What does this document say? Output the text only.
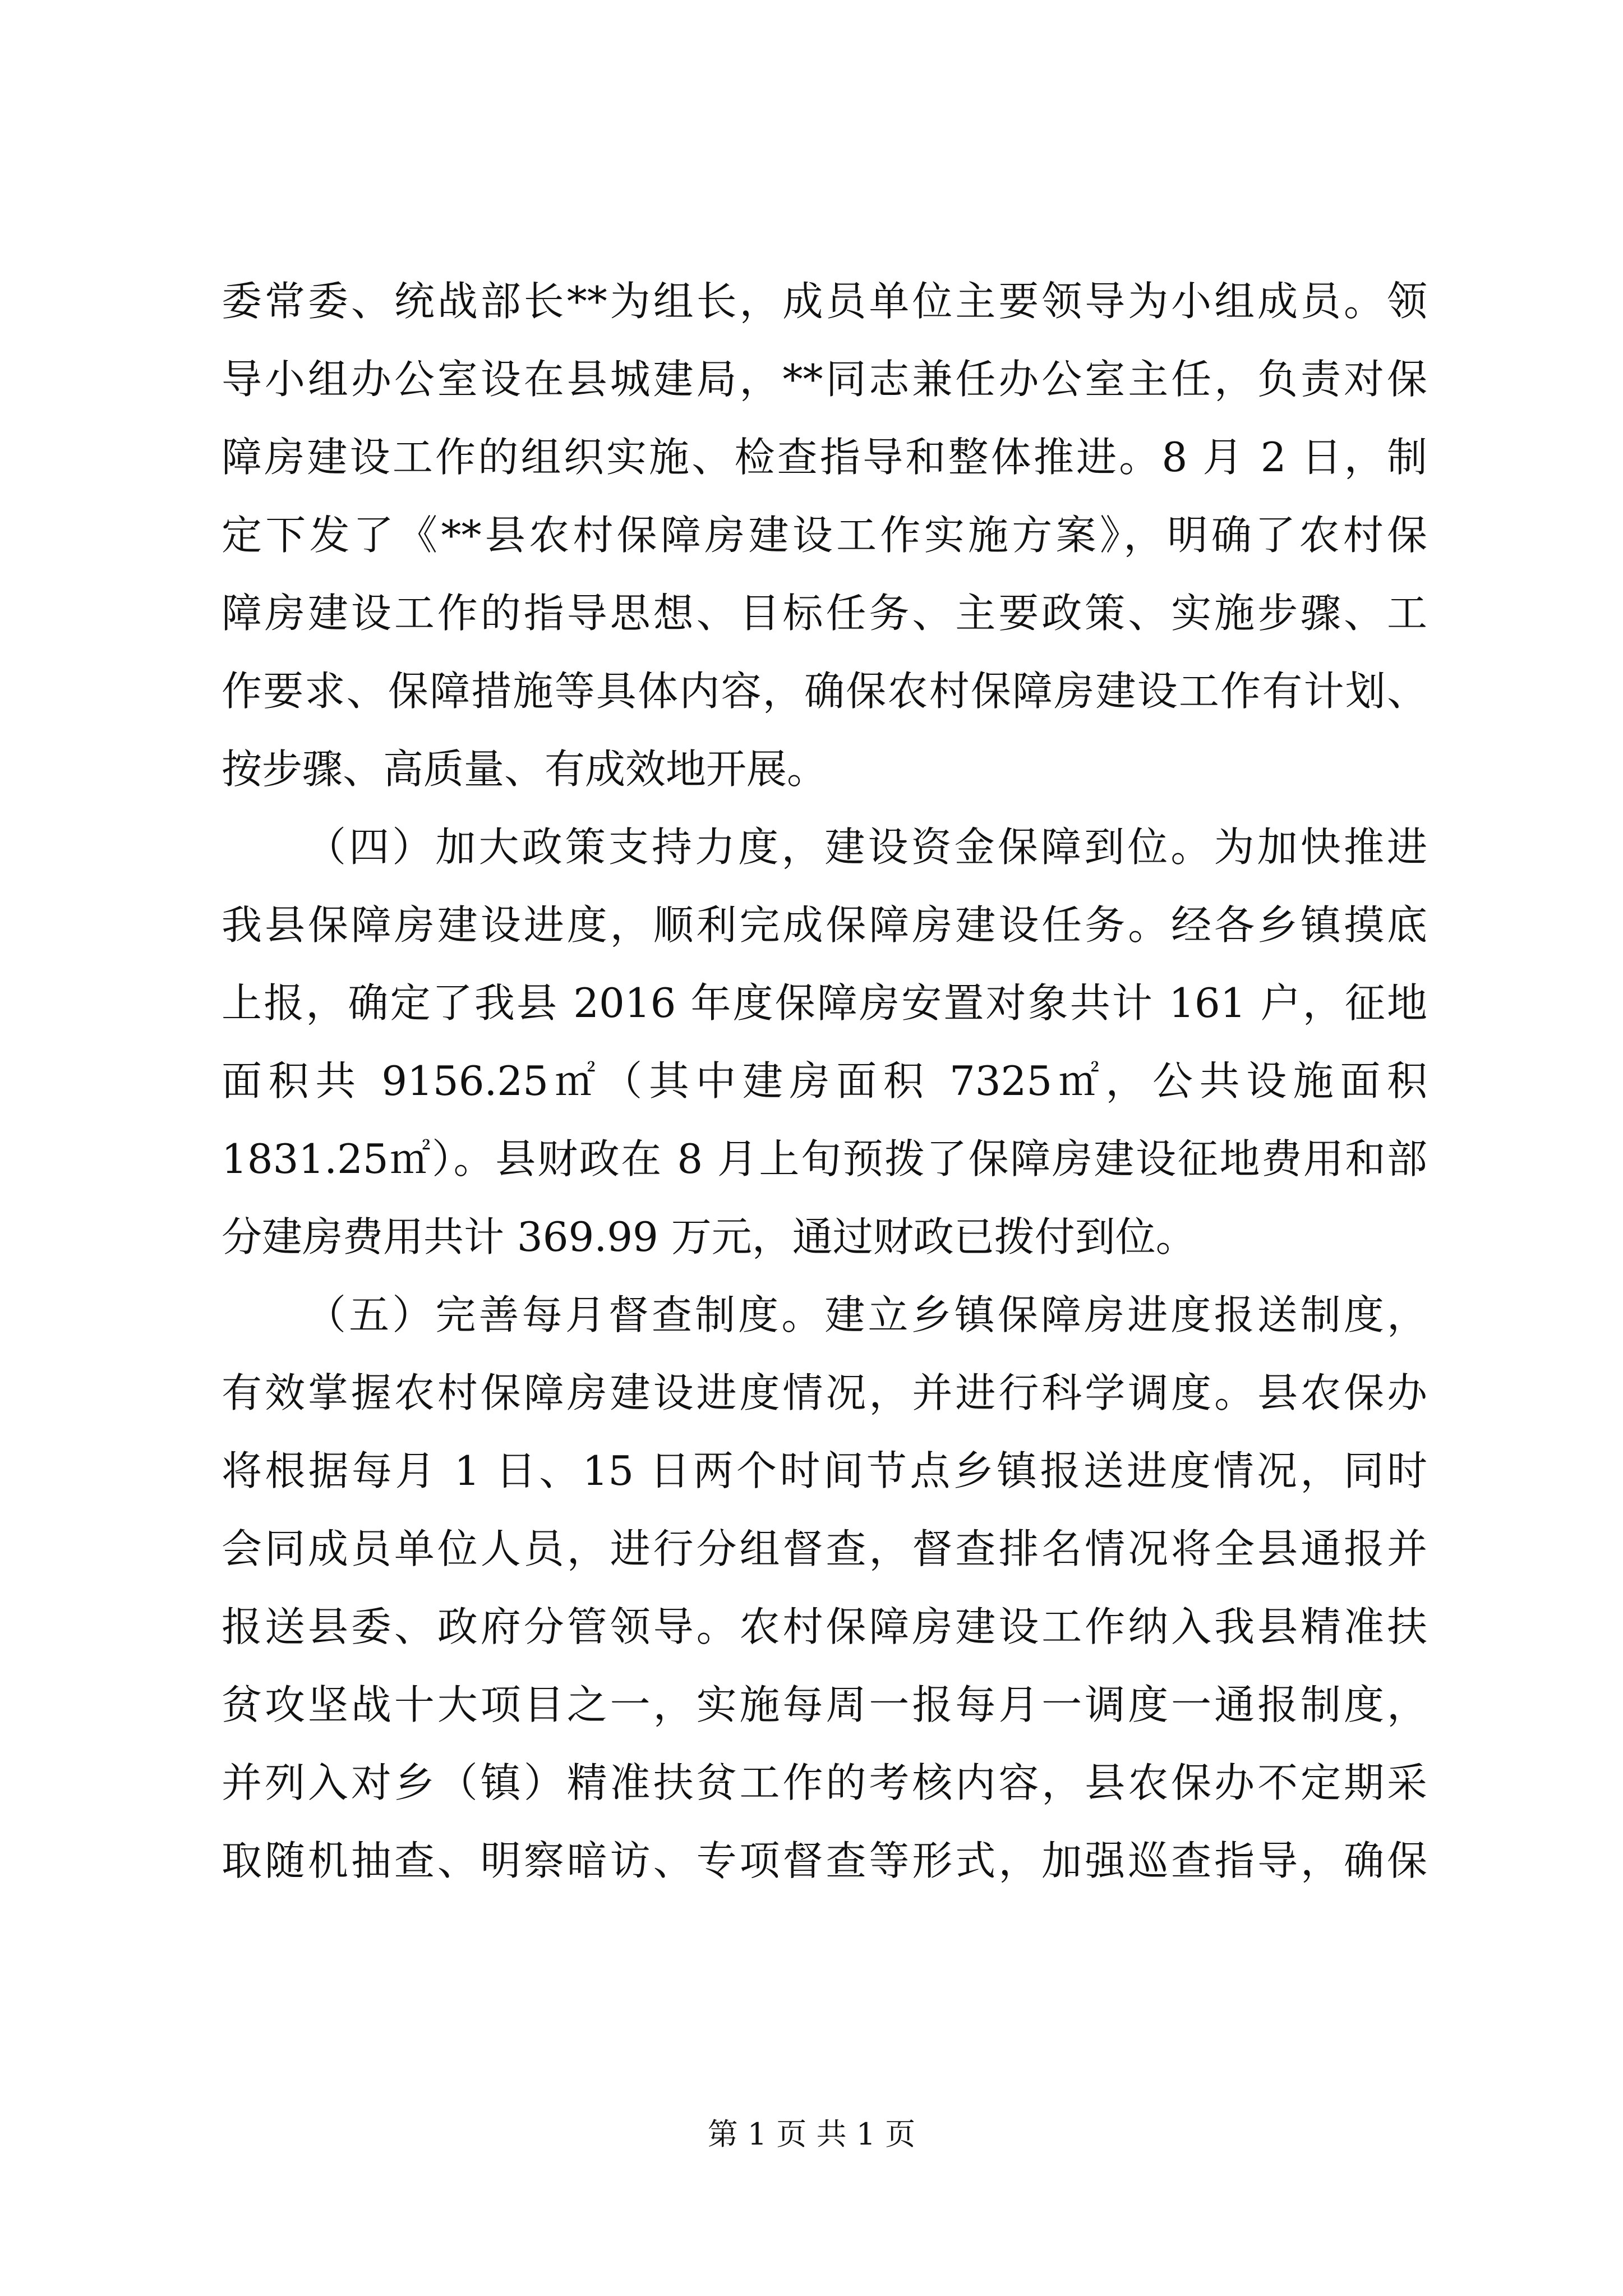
委常委、统战部长**为组长，成员单位主要领导为小组成员。领
导小组办公室设在县城建局，**同志兼任办公室主任，负责对保
障房建设工作的组织实施、检查指导和整体推进。8 月 2 日，制
定下发了《**县农村保障房建设工作实施方案》，明确了农村保
障房建设工作的指导思想、目标任务、主要政策、实施步骤、工
作要求、保障措施等具体内容，确保农村保障房建设工作有计划、
按步骤、高质量、有成效地开展。
（四）加大政策支持力度，建设资金保障到位。为加快推进
我县保障房建设进度，顺利完成保障房建设任务。经各乡镇摸底
上报，确定了我县 2016 年度保障房安置对象共计 161 户，征地
面积共 9156.25㎡（其中建房面积 7325㎡，公共设施面积
1831.25㎡）。县财政在 8 月上旬预拨了保障房建设征地费用和部
分建房费用共计 369.99 万元，通过财政已拨付到位。
（五）完善每月督查制度。建立乡镇保障房进度报送制度，
有效掌握农村保障房建设进度情况，并进行科学调度。县农保办
将根据每月 1 日、15 日两个时间节点乡镇报送进度情况，同时
会同成员单位人员，进行分组督查，督查排名情况将全县通报并
报送县委、政府分管领导。农村保障房建设工作纳入我县精准扶
贫攻坚战十大项目之一，实施每周一报每月一调度一通报制度，
并列入对乡（镇）精准扶贫工作的考核内容，县农保办不定期采
取随机抽查、明察暗访、专项督查等形式，加强巡查指导，确保
第 1 页 共 1 页
